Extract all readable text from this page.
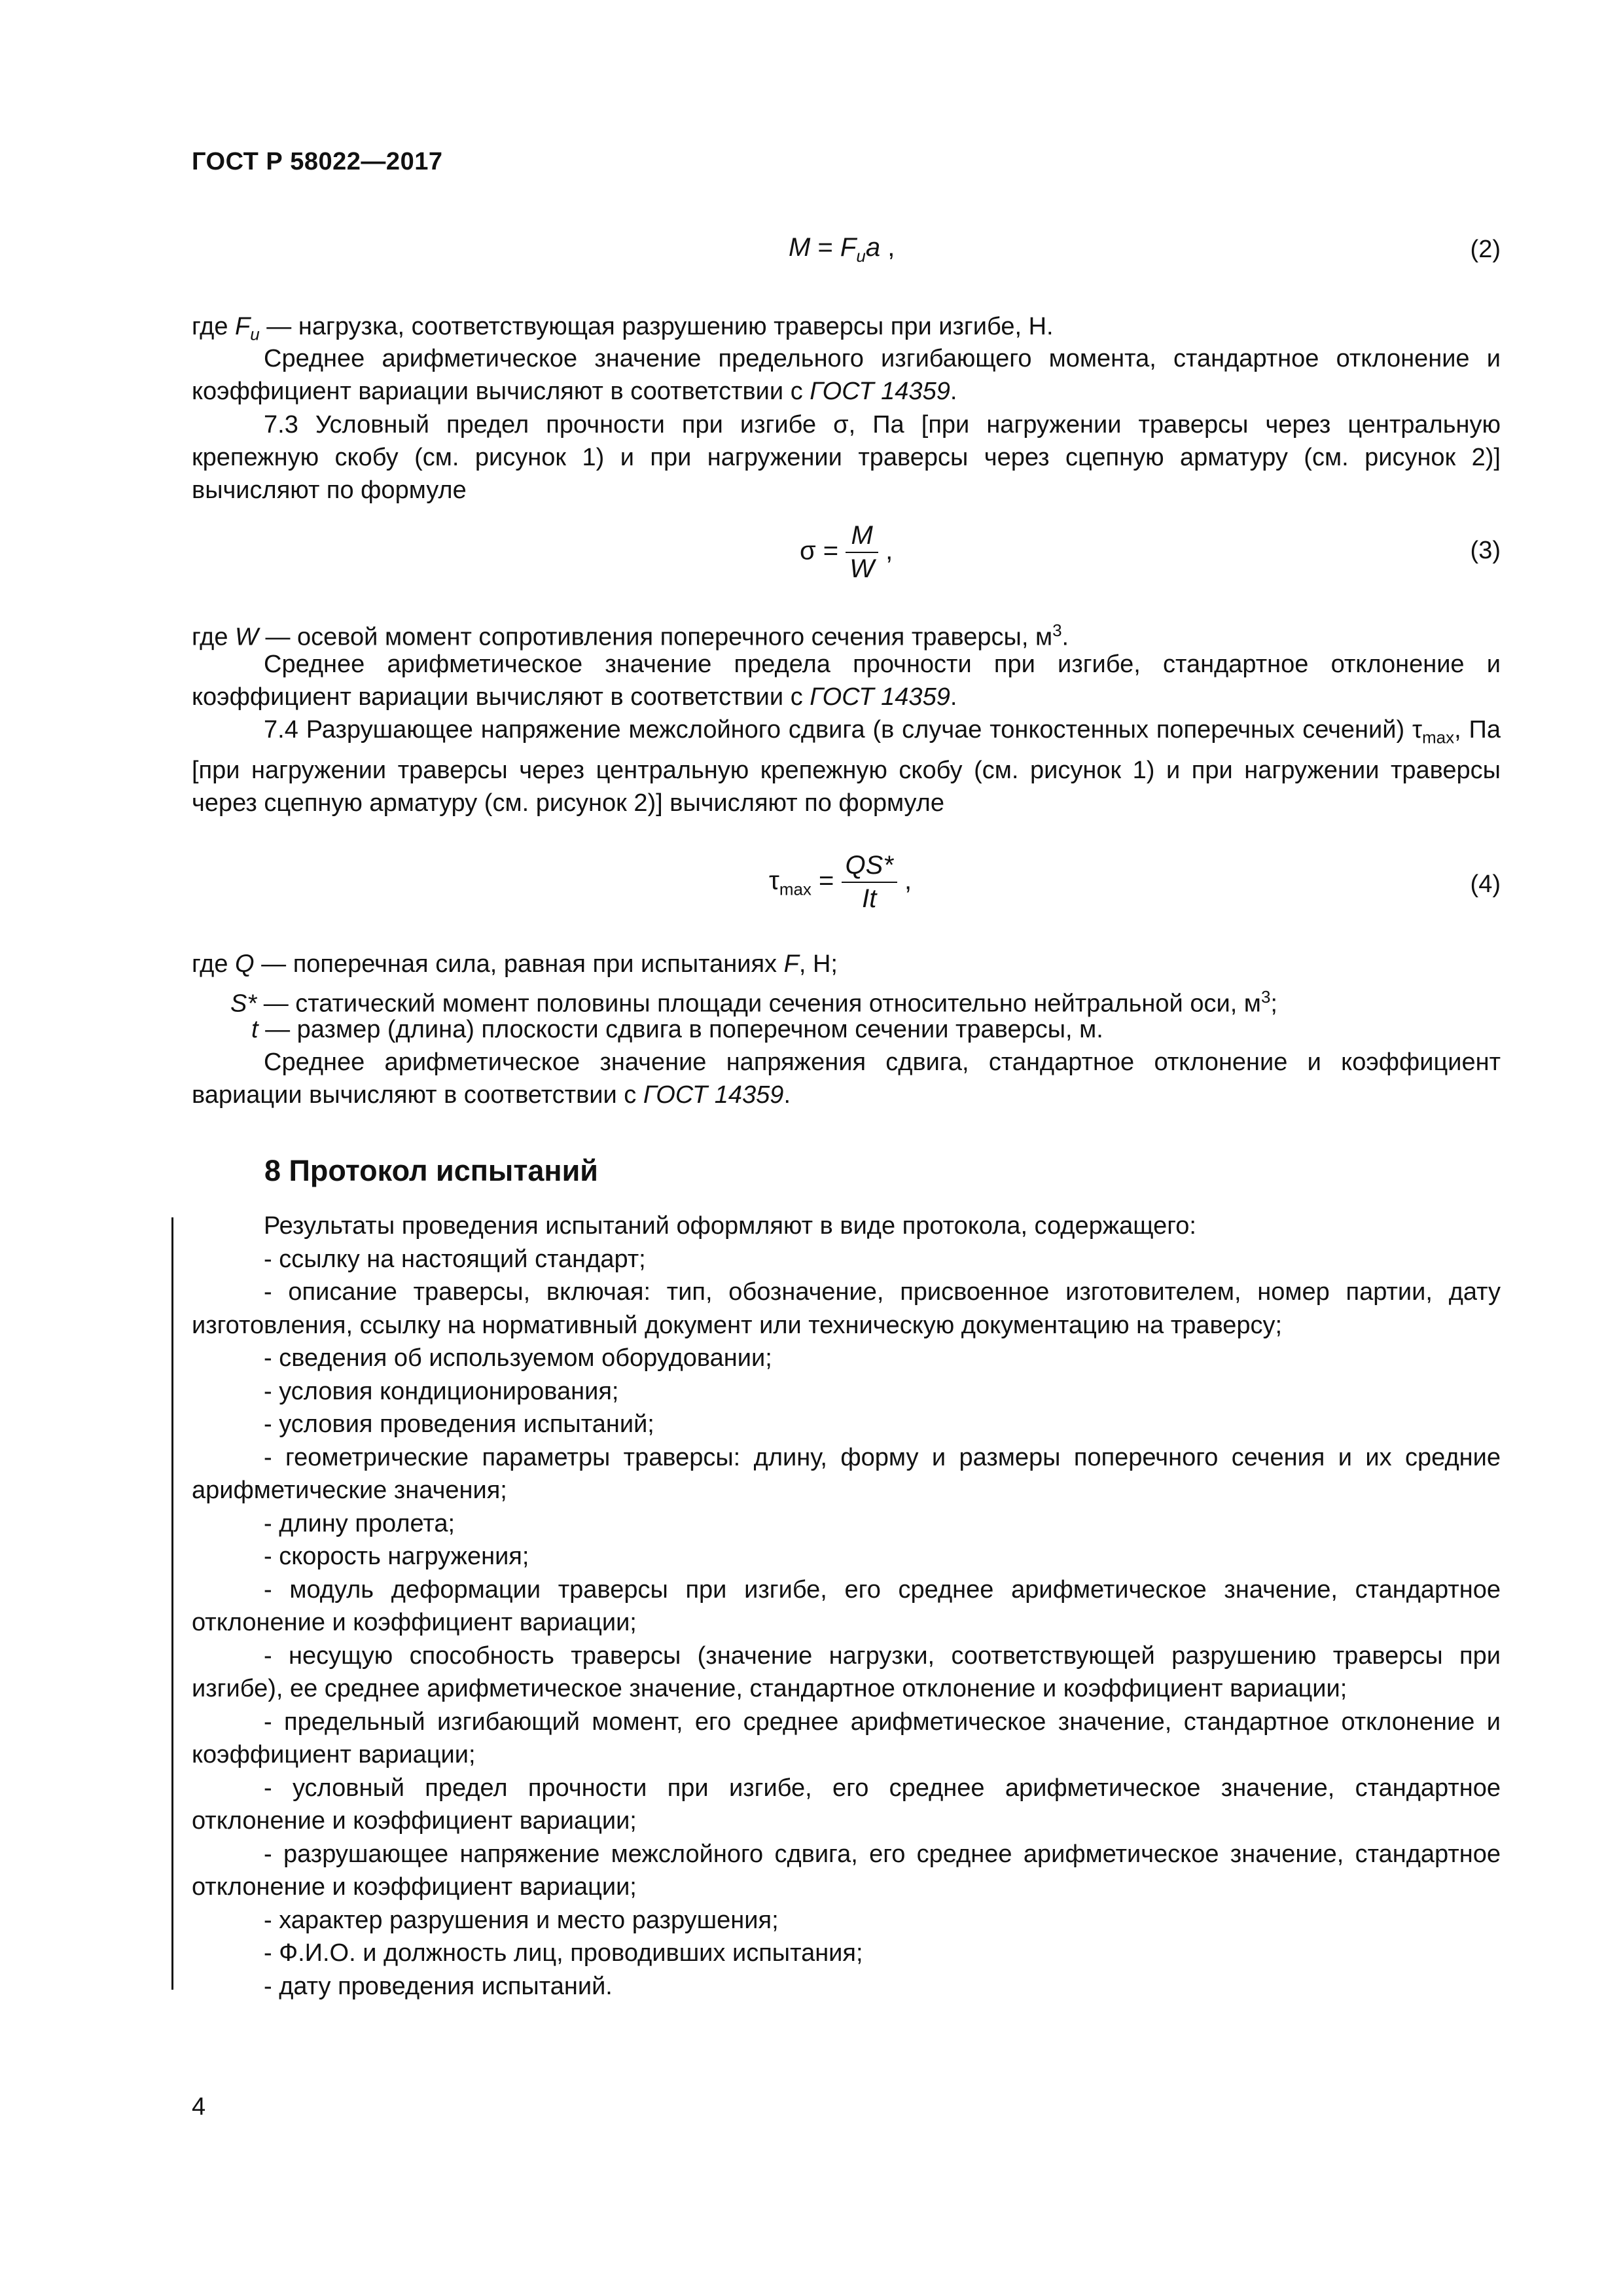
ГОСТ Р 58022—2017
$M = F_ua$ ,	(2)
где $F_u$ — нагрузка, соответствующая разрушению траверсы при изгибе, Н.
Среднее арифметическое значение предельного изгибающего момента, стандартное отклонение и коэффициент вариации вычисляют в соответствии с ГОСТ 14359.
7.3 Условный предел прочности при изгибе σ, Па [при нагружении траверсы через центральную крепежную скобу (см. рисунок 1) и при нагружении траверсы через сцепную арматуру (см. рисунок 2)] вычисляют по формуле
$\sigma = \frac{M}{W}$ ,	(3)
где W — осевой момент сопротивления поперечного сечения траверсы, $м^3$.
Среднее арифметическое значение предела прочности при изгибе, стандартное отклонение и коэффициент вариации вычисляют в соответствии с ГОСТ 14359.
7.4 Разрушающее напряжение межслойного сдвига (в случае тонкостенных поперечных сечений) $\tau_{max}$, Па [при нагружении траверсы через центральную крепежную скобу (см. рисунок 1) и при нагружении траверсы через сцепную арматуру (см. рисунок 2)] вычисляют по формуле
$\tau_{max} = \frac{QS*}{It}$ ,	(4)
где Q — поперечная сила, равная при испытаниях F, Н;
S* — статический момент половины площади сечения относительно нейтральной оси, $м^3$;
t — размер (длина) плоскости сдвига в поперечном сечении траверсы, м.
Среднее арифметическое значение напряжения сдвига, стандартное отклонение и коэффициент вариации вычисляют в соответствии с ГОСТ 14359.
8 Протокол испытаний
Результаты проведения испытаний оформляют в виде протокола, содержащего:
- ссылку на настоящий стандарт;
- описание траверсы, включая: тип, обозначение, присвоенное изготовителем, номер партии, дату изготовления, ссылку на нормативный документ или техническую документацию на траверсу;
- сведения об используемом оборудовании;
- условия кондиционирования;
- условия проведения испытаний;
- геометрические параметры траверсы: длину, форму и размеры поперечного сечения и их средние арифметические значения;
- длину пролета;
- скорость нагружения;
- модуль деформации траверсы при изгибе, его среднее арифметическое значение, стандартное отклонение и коэффициент вариации;
- несущую способность траверсы (значение нагрузки, соответствующей разрушению траверсы при изгибе), ее среднее арифметическое значение, стандартное отклонение и коэффициент вариации;
- предельный изгибающий момент, его среднее арифметическое значение, стандартное отклонение и коэффициент вариации;
- условный предел прочности при изгибе, его среднее арифметическое значение, стандартное отклонение и коэффициент вариации;
- разрушающее напряжение межслойного сдвига, его среднее арифметическое значение, стандартное отклонение и коэффициент вариации;
- характер разрушения и место разрушения;
- Ф.И.О. и должность лиц, проводивших испытания;
- дату проведения испытаний.
4
